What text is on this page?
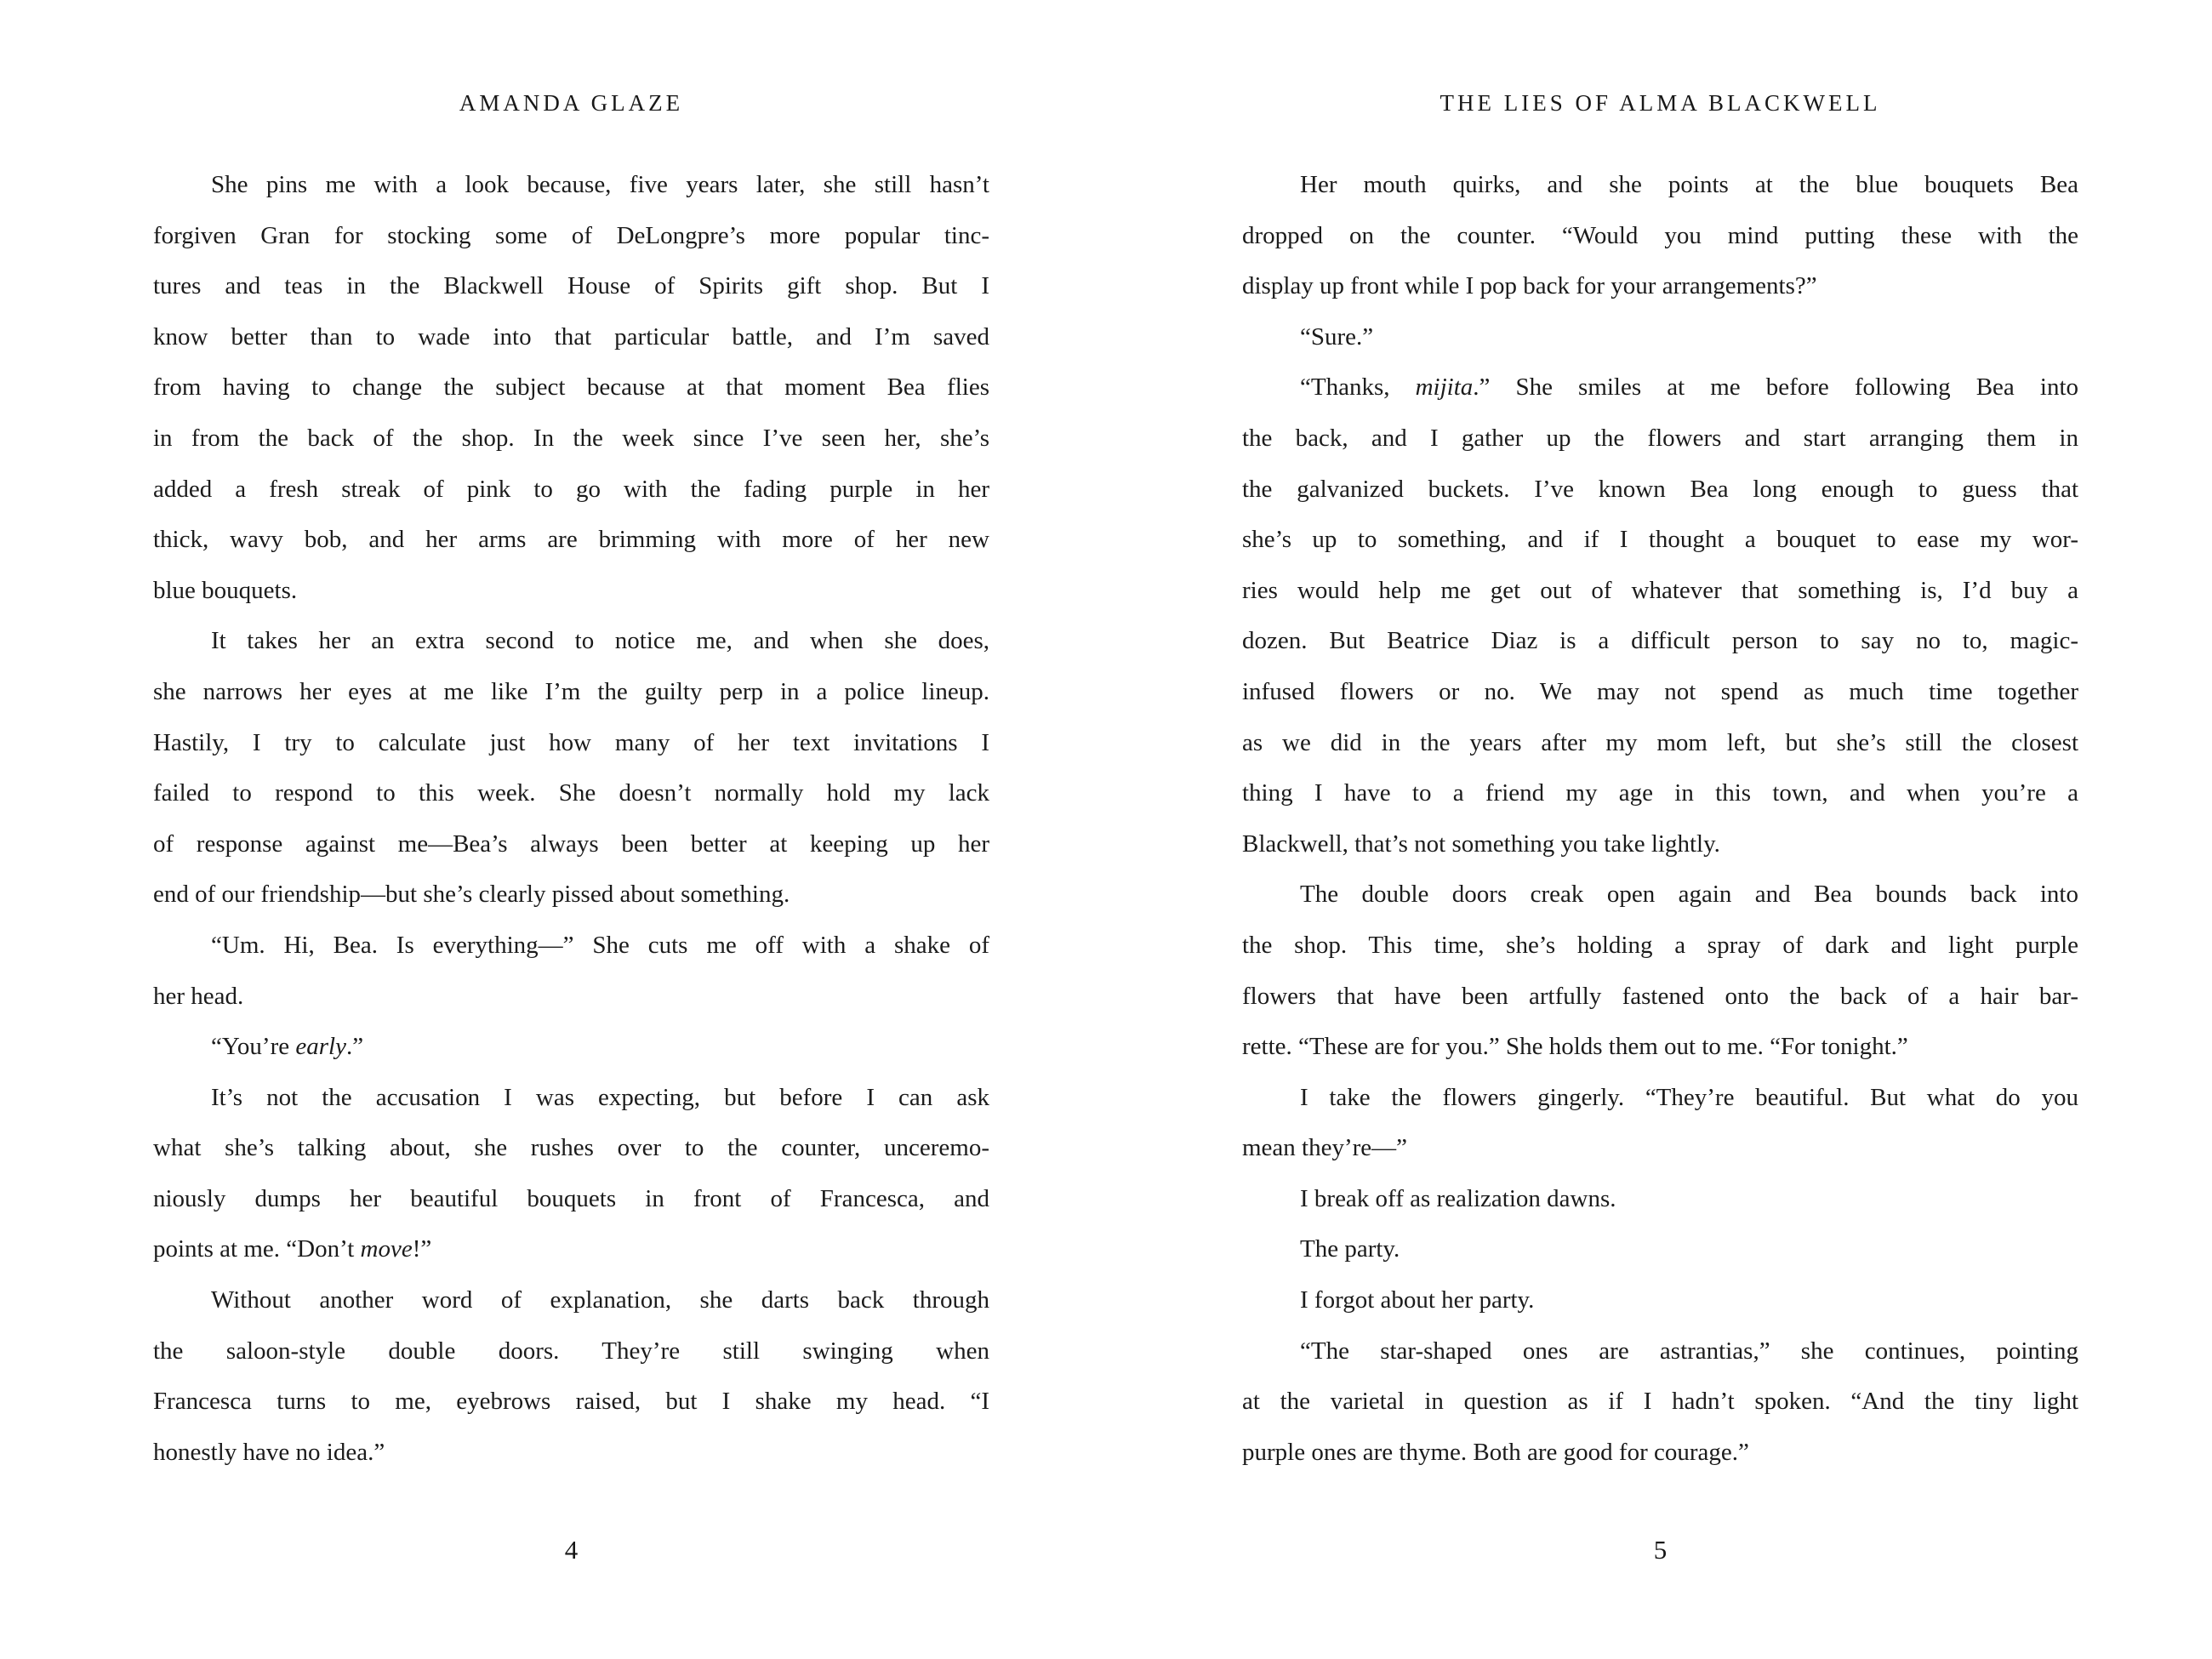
AMANDA GLAZE
She pins me with a look because, five years later, she still hasn’t
forgiven Gran for stocking some of DeLongpre’s more popular tinc-
tures and teas in the Blackwell House of Spirits gift shop. But I
know better than to wade into that particular battle, and I’m saved
from having to change the subject because at that moment Bea flies
in from the back of the shop. In the week since I’ve seen her, she’s
added a fresh streak of pink to go with the fading purple in her
thick, wavy bob, and her arms are brimming with more of her new
blue bouquets.
It takes her an extra second to notice me, and when she does,
she narrows her eyes at me like I’m the guilty perp in a police lineup.
Hastily, I try to calculate just how many of her text invitations I
failed to respond to this week. She doesn’t normally hold my lack
of response against me—Bea’s always been better at keeping up her
end of our friendship—but she’s clearly pissed about something.
“Um. Hi, Bea. Is everything—” She cuts me off with a shake of
her head.
“You’re early.”
It’s not the accusation I was expecting, but before I can ask
what she’s talking about, she rushes over to the counter, unceremo-
niously dumps her beautiful bouquets in front of Francesca, and
points at me. “Don’t move!”
Without another word of explanation, she darts back through
the saloon-style double doors. They’re still swinging when
Francesca turns to me, eyebrows raised, but I shake my head. “I
honestly have no idea.”
4
THE LIES OF ALMA BLACKWELL
Her mouth quirks, and she points at the blue bouquets Bea
dropped on the counter. “Would you mind putting these with the
display up front while I pop back for your arrangements?”
“Sure.”
“Thanks, mijita.” She smiles at me before following Bea into
the back, and I gather up the flowers and start arranging them in
the galvanized buckets. I’ve known Bea long enough to guess that
she’s up to something, and if I thought a bouquet to ease my wor-
ries would help me get out of whatever that something is, I’d buy a
dozen. But Beatrice Diaz is a difficult person to say no to, magic-
infused flowers or no. We may not spend as much time together
as we did in the years after my mom left, but she’s still the closest
thing I have to a friend my age in this town, and when you’re a
Blackwell, that’s not something you take lightly.
The double doors creak open again and Bea bounds back into
the shop. This time, she’s holding a spray of dark and light purple
flowers that have been artfully fastened onto the back of a hair bar-
rette. “These are for you.” She holds them out to me. “For tonight.”
I take the flowers gingerly. “They’re beautiful. But what do you
mean they’re—”
I break off as realization dawns.
The party.
I forgot about her party.
“The star-shaped ones are astrantias,” she continues, pointing
at the varietal in question as if I hadn’t spoken. “And the tiny light
purple ones are thyme. Both are good for courage.”
5
